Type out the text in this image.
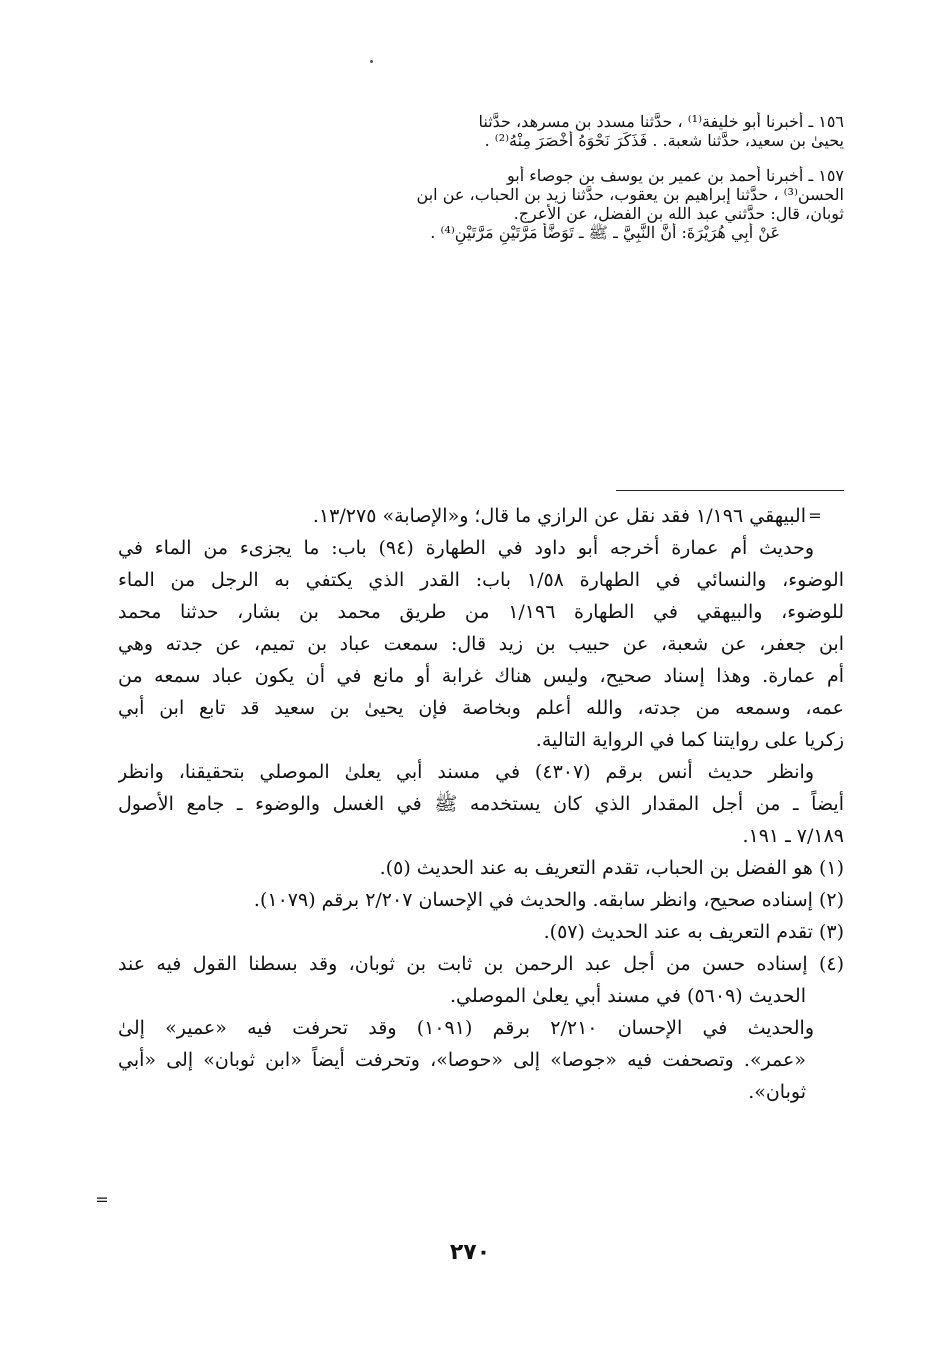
١٥٦ ـ أخبرنا أبو خليفة⁽¹⁾ ، حدَّثنا مسدد بن مسرهد، حدَّثنا
يحيىٰ بن سعيد، حدَّثنا شعبة. . فَذَكَرَ نَحْوَهُ أَخْصَرَ مِنْهُ⁽²⁾ .
١٥٧ ـ أخبرنا أحمد بن عمير بن يوسف بن جوصاء أبو
الحسن⁽³⁾ ، حدَّثنا إبراهيم بن يعقوب، حدَّثنا زيد بن الحباب، عن ابن
ثوبان، قال: حدَّثني عبد الله بن الفضل، عن الأعرج.
عَنْ أَبِي هُرَيْرَةَ: أَنَّ النَّبِيَّ ـ ﷺ ـ تَوَضَّأَ مَرَّتَيْنِ مَرَّتَيْنِ⁽⁴⁾ .
=
البيهقي ١/١٩٦ فقد نقل عن الرازي ما قال؛ و«الإصابة» ١٣/٢٧٥.
وحديث أم عمارة أخرجه أبو داود في الطهارة (٩٤) باب: ما يجزىء من الماء في
الوضوء، والنسائي في الطهارة ١/٥٨ باب: القدر الذي يكتفي به الرجل من الماء
للوضوء، والبيهقي في الطهارة ١/١٩٦ من طريق محمد بن بشار، حدثنا محمد
ابن جعفر، عن شعبة، عن حبيب بن زيد قال: سمعت عباد بن تميم، عن جدته وهي
أم عمارة. وهذا إسناد صحيح، وليس هناك غرابة أو مانع في أن يكون عباد سمعه من
عمه، وسمعه من جدته، والله أعلم وبخاصة فإن يحيىٰ بن سعيد قد تابع ابن أبي
زكريا على روايتنا كما في الرواية التالية.
وانظر حديث أنس برقم (٤٣٠٧) في مسند أبي يعلىٰ الموصلي بتحقيقنا، وانظر
أيضاً ـ من أجل المقدار الذي كان يستخدمه ﷺ في الغسل والوضوء ـ جامع الأصول
٧/١٨٩ ـ ١٩١.
(١) هو الفضل بن الحباب، تقدم التعريف به عند الحديث (٥).
(٢) إسناده صحيح، وانظر سابقه. والحديث في الإحسان ٢/٢٠٧ برقم (١٠٧٩).
(٣) تقدم التعريف به عند الحديث (٥٧).
(٤) إسناده حسن من أجل عبد الرحمن بن ثابت بن ثوبان، وقد بسطنا القول فيه عند
الحديث (٥٦٠٩) في مسند أبي يعلىٰ الموصلي.
والحديث في الإحسان ٢/٢١٠ برقم (١٠٩١) وقد تحرفت فيه «عمير» إلىٰ
«عمر». وتصحفت فيه «جوصا» إلى «حوصا»، وتحرفت أيضاً «ابن ثوبان» إلى «أبي
ثوبان».
=
٢٧٠
